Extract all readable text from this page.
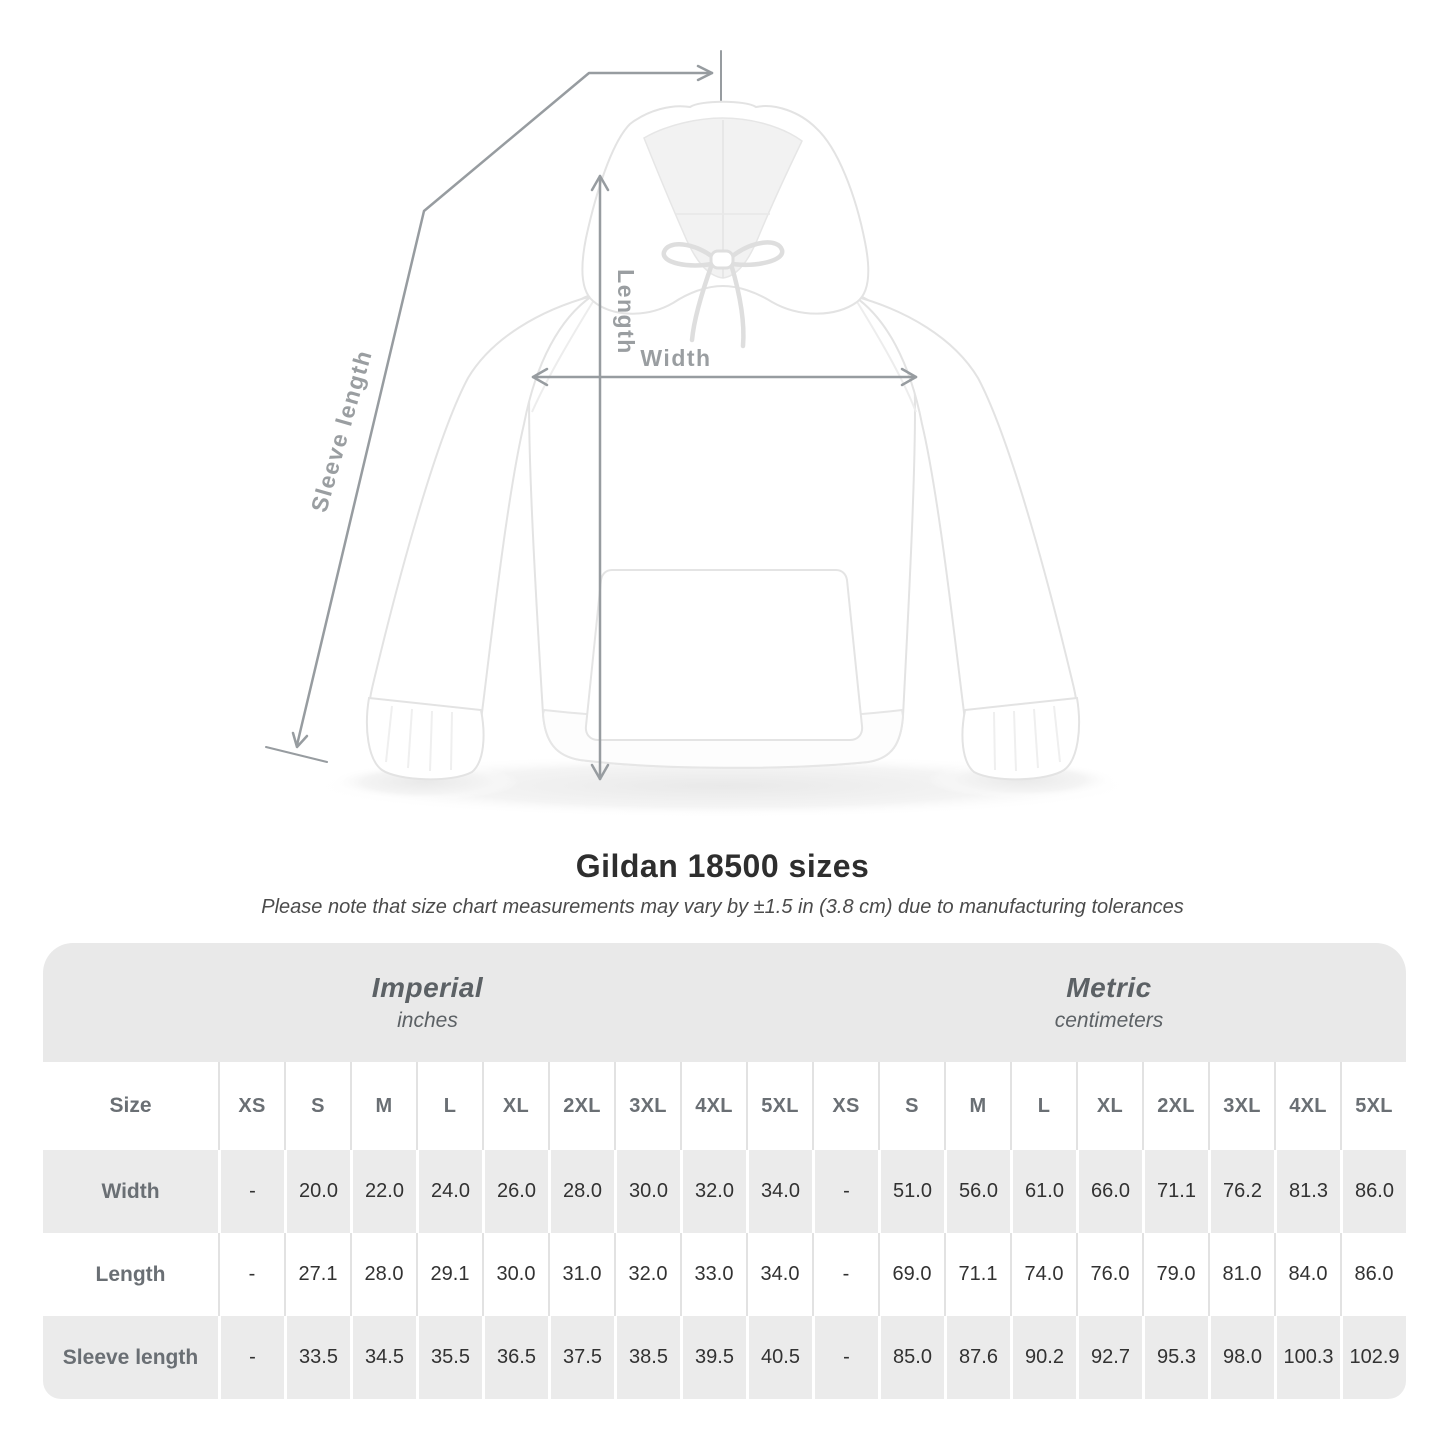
Width
Length
Sleeve length
Gildan 18500 sizes
Please note that size chart measurements may vary by ±1.5 in (3.8 cm) due to manufacturing tolerances
Imperial
inches
Metric
centimeters
Size	XS	S	M	L	XL	2XL	3XL	4XL	5XL	XS	S	M	L	XL	2XL	3XL	4XL	5XL
Width	-	20.0	22.0	24.0	26.0	28.0	30.0	32.0	34.0	-	51.0	56.0	61.0	66.0	71.1	76.2	81.3	86.0
Length	-	27.1	28.0	29.1	30.0	31.0	32.0	33.0	34.0	-	69.0	71.1	74.0	76.0	79.0	81.0	84.0	86.0
Sleeve length	-	33.5	34.5	35.5	36.5	37.5	38.5	39.5	40.5	-	85.0	87.6	90.2	92.7	95.3	98.0	100.3 102.9
